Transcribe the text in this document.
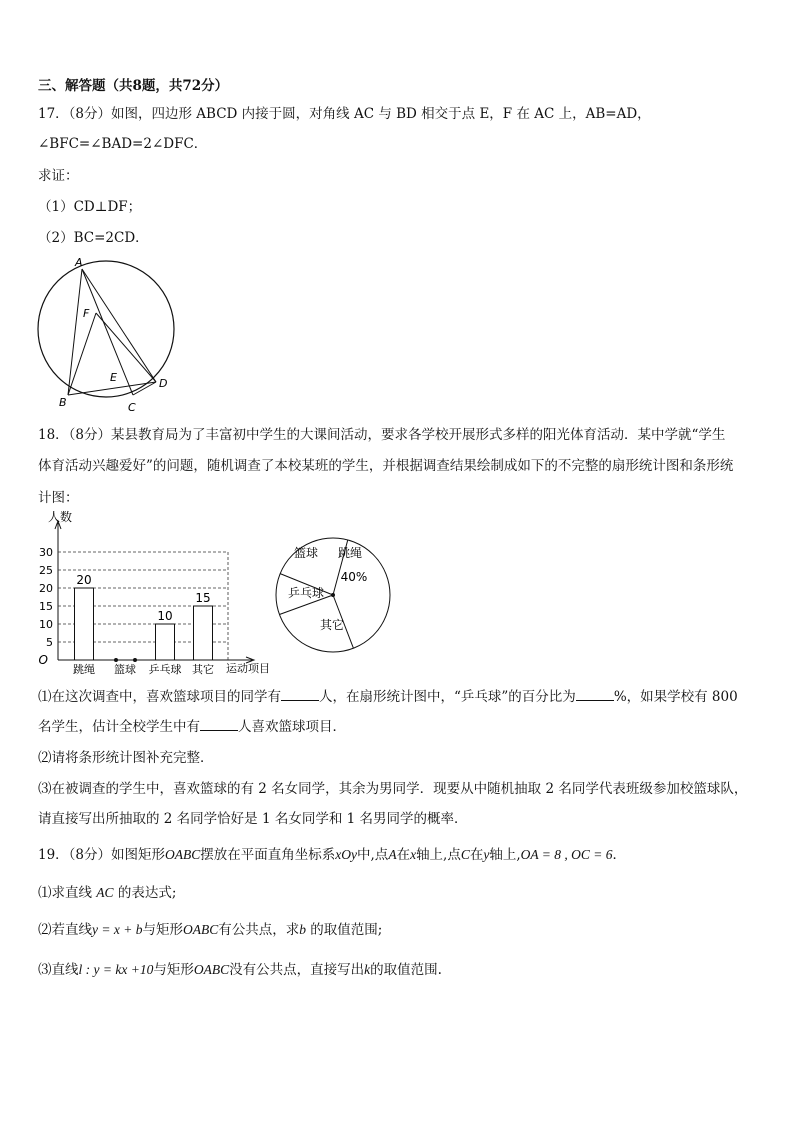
三、解答题（共8题，共72分）
17．（8分）如图，四边形 ABCD 内接于圆，对角线 AC 与 BD 相交于点 E，F 在 AC 上，AB=AD，
∠BFC=∠BAD=2∠DFC．
求证：
（1）CD⊥DF；
（2）BC=2CD．
A
F
E	D
B	C
18．（8分）某县教育局为了丰富初中学生的大课间活动，要求各学校开展形式多样的阳光体育活动．某中学就“学生
体育活动兴趣爱好”的问题，随机调查了本校某班的学生，并根据调查结果绘制成如下的不完整的扇形统计图和条形统
计图：
5
10
15
20
25
30
O
人数
运动项目
跳绳 篮球 乒乓球 其它
20
10
15
跳绳
篮球
乒乓球
其它
40%
⑴在这次调查中，喜欢篮球项目的同学有	人，在扇形统计图中，“乒乓球”的百分比为	%，如果学校有 800
名学生，估计全校学生中有	人喜欢篮球项目．
⑵请将条形统计图补充完整．
⑶在被调查的学生中，喜欢篮球的有 2 名女同学，其余为男同学．现要从中随机抽取 2 名同学代表班级参加校篮球队，
请直接写出所抽取的 2 名同学恰好是 1 名女同学和 1 名男同学的概率．
19．（8分）如图矩形OABC摆放在平面直角坐标系xOy中,点A在x轴上,点C在y轴上,OA = 8 , OC = 6．
⑴求直线 AC 的表达式;
⑵若直线y = x + b与矩形OABC有公共点，求b 的取值范围;
⑶直线l : y = kx +10与矩形OABC没有公共点，直接写出k的取值范围.
